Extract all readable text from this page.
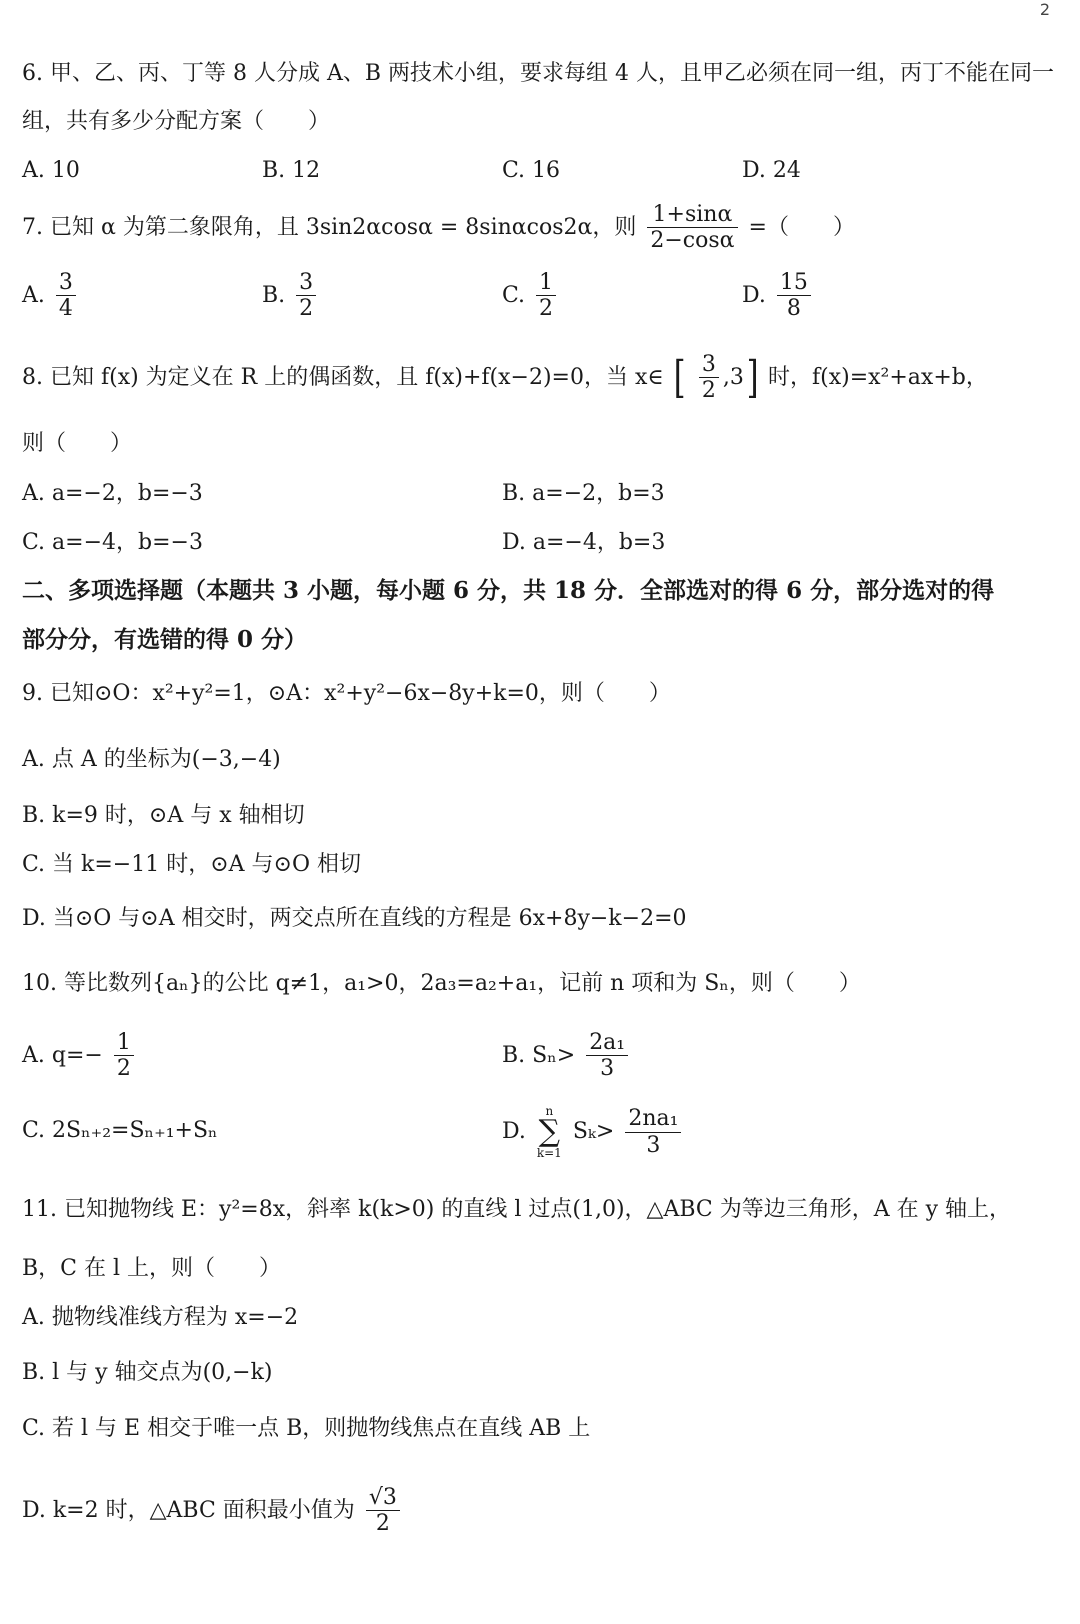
2
6. 甲、乙、丙、丁等 8 人分成 A、B 两技术小组，要求每组 4 人，且甲乙必须在同一组，丙丁不能在同一
组，共有多少分配方案（　　）
A. 10	B. 12	C. 16	D. 24
7. 已知 α 为第二象限角，且 3sin2αcosα = 8sinαcos2α，则 $\frac{1+\sin\alpha}{2-\cos\alpha}$ =（　　）
A. $\frac{3}{4}$	B. $\frac{3}{2}$	C. $\frac{1}{2}$	D. $\frac{15}{8}$
8. 已知 f(x) 为定义在 R 上的偶函数，且 f(x)+f(x−2)=0，当 x∈ [ $\frac{3}{2} ,3$] 时，f(x)=x²+ax+b，
则（　　）
A. a=−2，b=−3	B. a=−2，b=3
C. a=−4，b=−3	D. a=−4，b=3
二、多项选择题（本题共 3 小题，每小题 6 分，共 18 分．全部选对的得 6 分，部分选对的得
部分分，有选错的得 0 分）
9. 已知⊙O：x²+y²=1，⊙A：x²+y²−6x−8y+k=0，则（　　）
A. 点 A 的坐标为(−3,−4)
B. k=9 时，⊙A 与 x 轴相切
C. 当 k=−11 时，⊙A 与⊙O 相切
D. 当⊙O 与⊙A 相交时，两交点所在直线的方程是 6x+8y−k−2=0
10. 等比数列{aₙ}的公比 q≠1，a₁>0，2a₃=a₂+a₁，记前 n 项和为 Sₙ，则（　　）
A. $q=- \frac{1}{2}$	B. $S_n> \frac{\text{2a₁}}{3}$
C. 2Sₙ₊₂=Sₙ₊₁+Sₙ	D.
n
∑
k=1
$S_k> \frac{\text{2na₁}}{3}$
11. 已知抛物线 E：y²=8x，斜率 k(k>0) 的直线 l 过点(1,0)，△ABC 为等边三角形，A 在 y 轴上，
B，C 在 l 上，则（　　）
A. 抛物线准线方程为 x=−2
B. l 与 y 轴交点为(0,−k)
C. 若 l 与 E 相交于唯一点 B，则抛物线焦点在直线 AB 上
D. k=2 时，△ABC 面积最小值为 $\frac{√3}{2}$
